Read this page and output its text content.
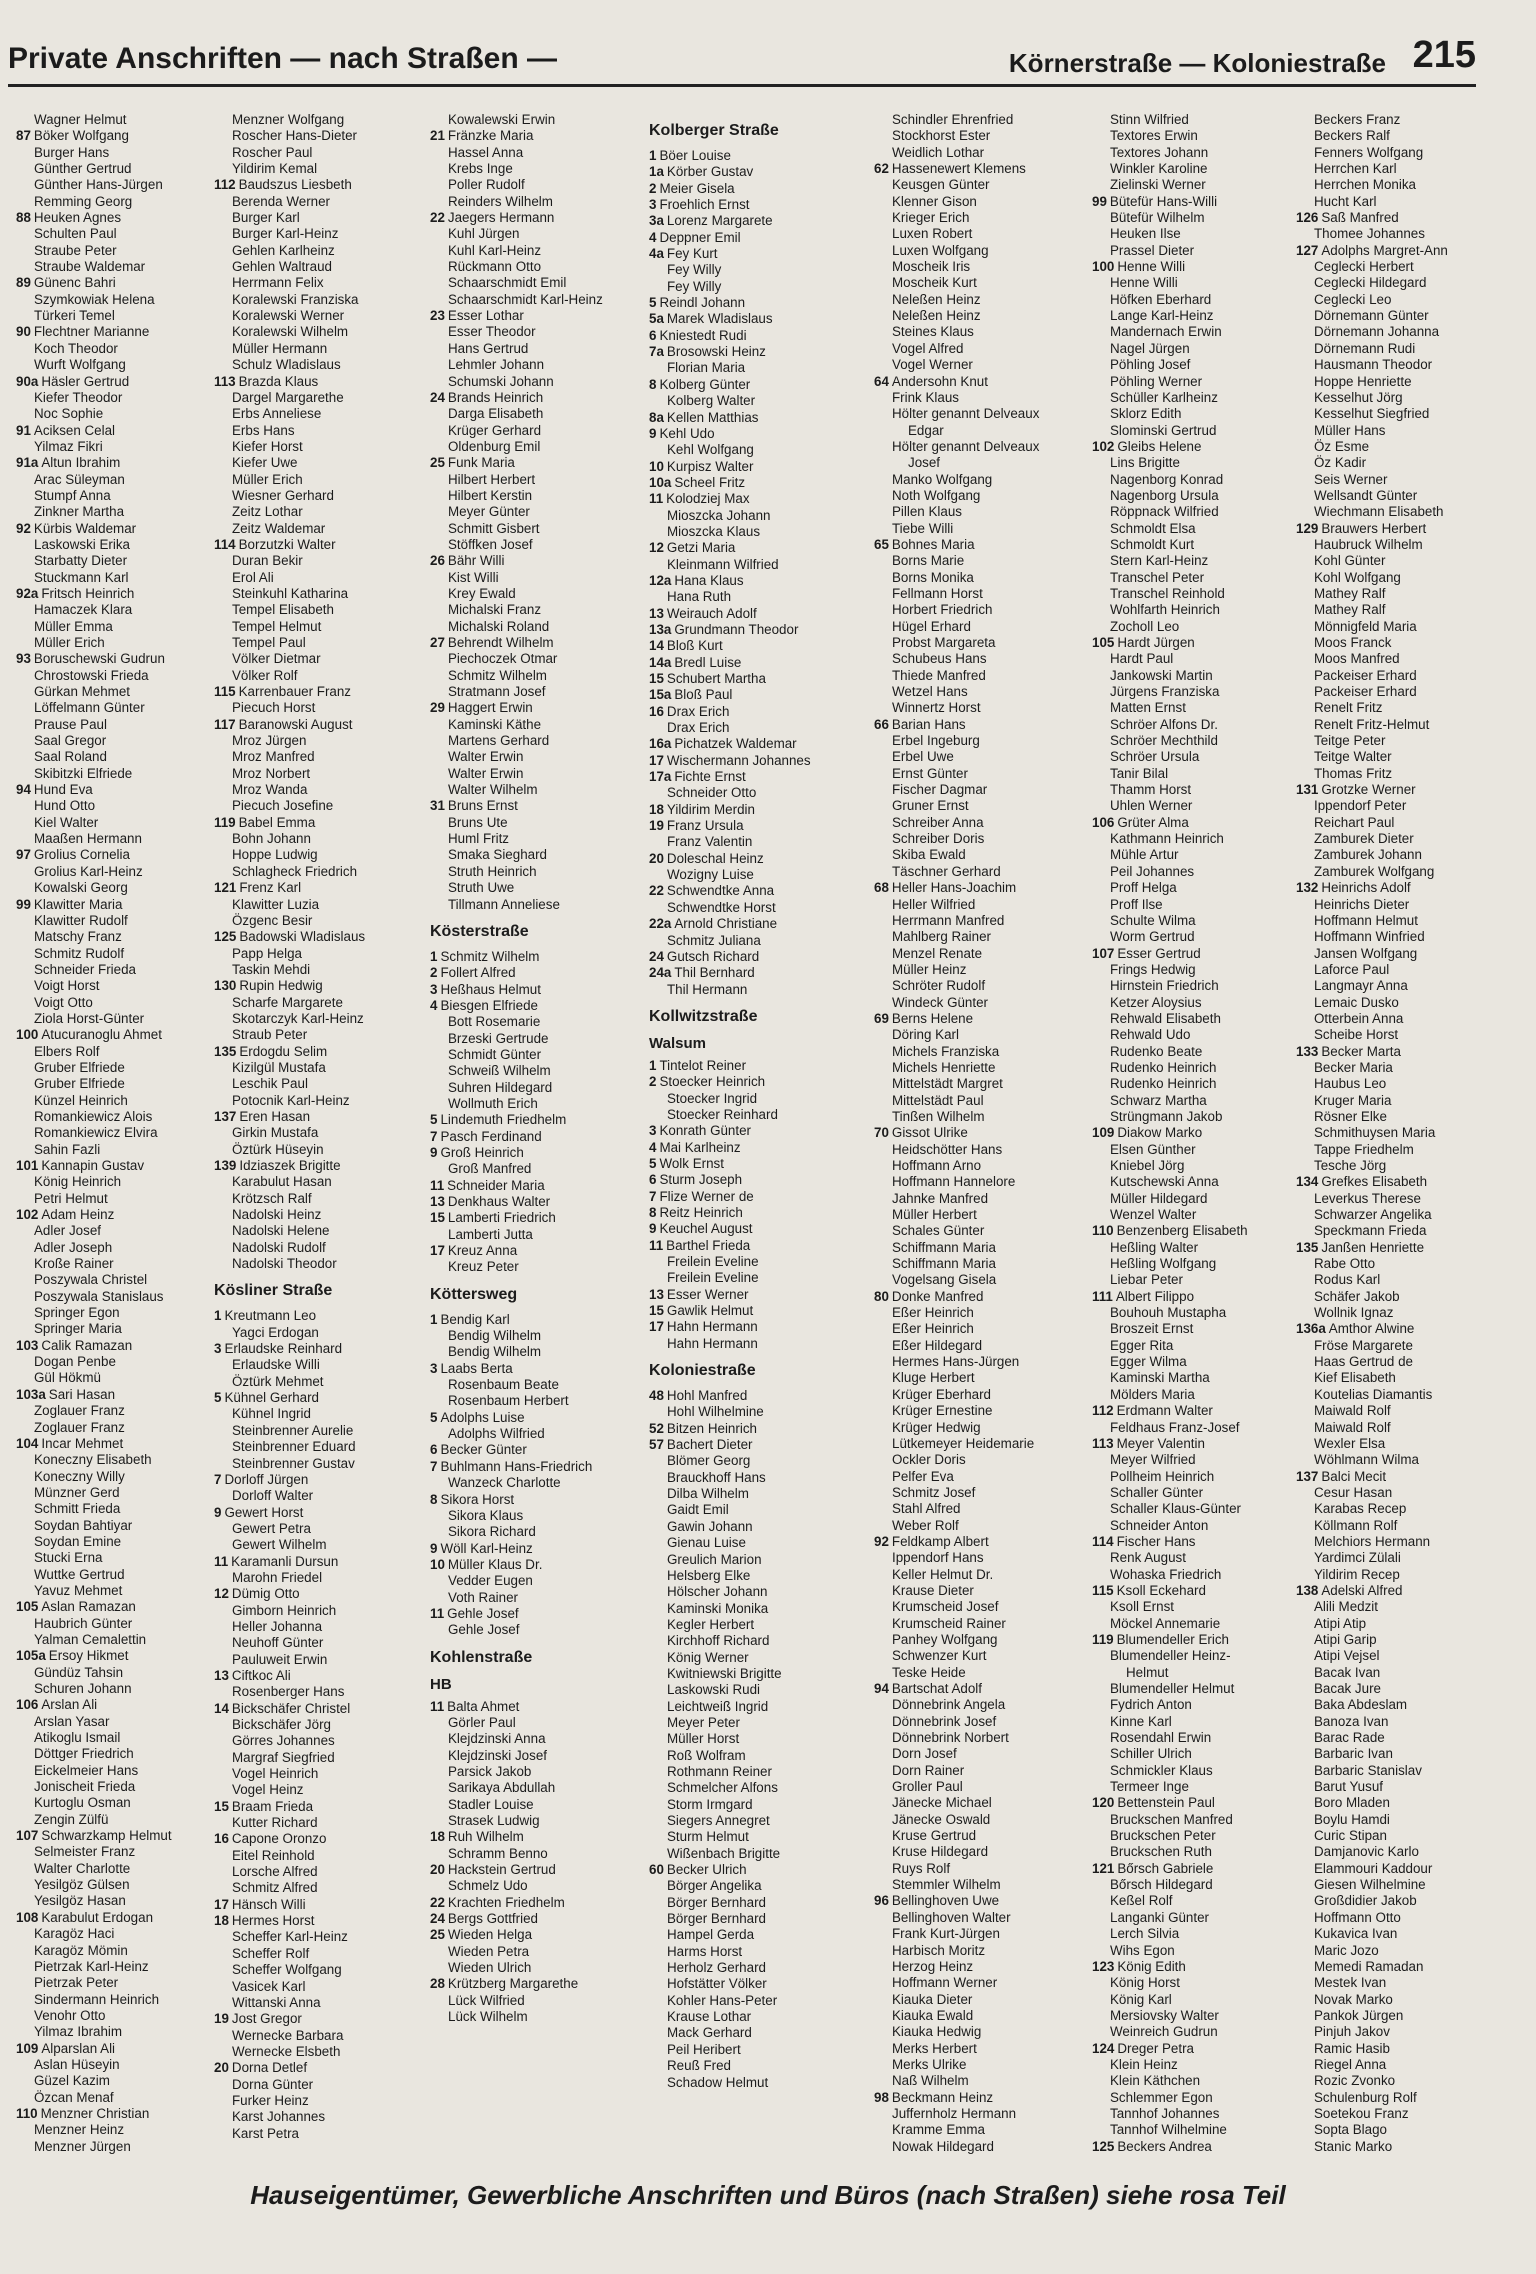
Private Anschriften — nach Straßen —	Körnerstraße — Koloniestraße 215
Wagner Helmut
87 Böker Wolfgang
Burger Hans
Günther Gertrud
Günther Hans-Jürgen
Remming Georg
88 Heuken Agnes
Schulten Paul
Straube Peter
Straube Waldemar
89 Günenc Bahri
Szymkowiak Helena
Türkeri Temel
90 Flechtner Marianne
Koch Theodor
Wurft Wolfgang
90a Häsler Gertrud
Kiefer Theodor
Noc Sophie
91 Aciksen Celal
Yilmaz Fikri
91a Altun Ibrahim
Arac Süleyman
Stumpf Anna
Zinkner Martha
92 Kürbis Waldemar
Laskowski Erika
Starbatty Dieter
Stuckmann Karl
92a Fritsch Heinrich
Hamaczek Klara
Müller Emma
Müller Erich
93 Boruschewski Gudrun
Chrostowski Frieda
Gürkan Mehmet
Löffelmann Günter
Prause Paul
Saal Gregor
Saal Roland
Skibitzki Elfriede
94 Hund Eva
Hund Otto
Kiel Walter
Maaßen Hermann
97 Grolius Cornelia
Grolius Karl-Heinz
Kowalski Georg
99 Klawitter Maria
Klawitter Rudolf
Matschy Franz
Schmitz Rudolf
Schneider Frieda
Voigt Horst
Voigt Otto
Ziola Horst-Günter
100 Atucuranoglu Ahmet
Elbers Rolf
Gruber Elfriede
Gruber Elfriede
Künzel Heinrich
Romankiewicz Alois
Romankiewicz Elvira
Sahin Fazli
101 Kannapin Gustav
König Heinrich
Petri Helmut
102 Adam Heinz
Adler Josef
Adler Joseph
Kroße Rainer
Poszywala Christel
Poszywala Stanislaus
Springer Egon
Springer Maria
103 Calik Ramazan
Dogan Penbe
Gül Hökmü
103a Sari Hasan
Zoglauer Franz
Zoglauer Franz
104 Incar Mehmet
Koneczny Elisabeth
Koneczny Willy
Münzner Gerd
Schmitt Frieda
Soydan Bahtiyar
Soydan Emine
Stucki Erna
Wuttke Gertrud
Yavuz Mehmet
105 Aslan Ramazan
Haubrich Günter
Yalman Cemalettin
105a Ersoy Hikmet
Gündüz Tahsin
Schuren Johann
106 Arslan Ali
Arslan Yasar
Atikoglu Ismail
Döttger Friedrich
Eickelmeier Hans
Jonischeit Frieda
Kurtoglu Osman
Zengin Zülfü
107 Schwarzkamp Helmut
Selmeister Franz
Walter Charlotte
Yesilgöz Gülsen
Yesilgöz Hasan
108 Karabulut Erdogan
Karagöz Haci
Karagöz Mömin
Pietrzak Karl-Heinz
Pietrzak Peter
Sindermann Heinrich
Venohr Otto
Yilmaz Ibrahim
109 Alparslan Ali
Aslan Hüseyin
Güzel Kazim
Özcan Menaf
110 Menzner Christian
Menzner Heinz
Menzner Jürgen
Menzner Wolfgang
Roscher Hans-Dieter
Roscher Paul
Yildirim Kemal
112 Baudszus Liesbeth
Berenda Werner
Burger Karl
Burger Karl-Heinz
Gehlen Karlheinz
Gehlen Waltraud
Herrmann Felix
Koralewski Franziska
Koralewski Werner
Koralewski Wilhelm
Müller Hermann
Schulz Wladislaus
113 Brazda Klaus
Dargel Margarethe
Erbs Anneliese
Erbs Hans
Kiefer Horst
Kiefer Uwe
Müller Erich
Wiesner Gerhard
Zeitz Lothar
Zeitz Waldemar
114 Borzutzki Walter
Duran Bekir
Erol Ali
Steinkuhl Katharina
Tempel Elisabeth
Tempel Helmut
Tempel Paul
Völker Dietmar
Völker Rolf
115 Karrenbauer Franz
Piecuch Horst
117 Baranowski August
Mroz Jürgen
Mroz Manfred
Mroz Norbert
Mroz Wanda
Piecuch Josefine
119 Babel Emma
Bohn Johann
Hoppe Ludwig
Schlagheck Friedrich
121 Frenz Karl
Klawitter Luzia
Özgenc Besir
125 Badowski Wladislaus
Papp Helga
Taskin Mehdi
130 Rupin Hedwig
Scharfe Margarete
Skotarczyk Karl-Heinz
Straub Peter
135 Erdogdu Selim
Kizilgül Mustafa
Leschik Paul
Potocnik Karl-Heinz
137 Eren Hasan
Girkin Mustafa
Öztürk Hüseyin
139 Idziaszek Brigitte
Karabulut Hasan
Krötzsch Ralf
Nadolski Heinz
Nadolski Helene
Nadolski Rudolf
Nadolski Theodor
Kösliner Straße
1 Kreutmann Leo
Yagci Erdogan
3 Erlaudske Reinhard
Erlaudske Willi
Öztürk Mehmet
5 Kühnel Gerhard
Kühnel Ingrid
Steinbrenner Aurelie
Steinbrenner Eduard
Steinbrenner Gustav
7 Dorloff Jürgen
Dorloff Walter
9 Gewert Horst
Gewert Petra
Gewert Wilhelm
11 Karamanli Dursun
Marohn Friedel
12 Dümig Otto
Gimborn Heinrich
Heller Johanna
Neuhoff Günter
Pauluweit Erwin
13 Ciftkoc Ali
Rosenberger Hans
14 Bickschäfer Christel
Bickschäfer Jörg
Görres Johannes
Margraf Siegfried
Vogel Heinrich
Vogel Heinz
15 Braam Frieda
Kutter Richard
16 Capone Oronzo
Eitel Reinhold
Lorsche Alfred
Schmitz Alfred
17 Hänsch Willi
18 Hermes Horst
Scheffer Karl-Heinz
Scheffer Rolf
Scheffer Wolfgang
Vasicek Karl
Wittanski Anna
19 Jost Gregor
Wernecke Barbara
Wernecke Elsbeth
20 Dorna Detlef
Dorna Günter
Furker Heinz
Karst Johannes
Karst Petra
Kowalewski Erwin
21 Fränzke Maria
Hassel Anna
Krebs Inge
Poller Rudolf
Reinders Wilhelm
22 Jaegers Hermann
Kuhl Jürgen
Kuhl Karl-Heinz
Rückmann Otto
Schaarschmidt Emil
Schaarschmidt Karl-Heinz
23 Esser Lothar
Esser Theodor
Hans Gertrud
Lehmler Johann
Schumski Johann
24 Brands Heinrich
Darga Elisabeth
Krüger Gerhard
Oldenburg Emil
25 Funk Maria
Hilbert Herbert
Hilbert Kerstin
Meyer Günter
Schmitt Gisbert
Stöffken Josef
26 Bähr Willi
Kist Willi
Krey Ewald
Michalski Franz
Michalski Roland
27 Behrendt Wilhelm
Piechoczek Otmar
Schmitz Wilhelm
Stratmann Josef
29 Haggert Erwin
Kaminski Käthe
Martens Gerhard
Walter Erwin
Walter Erwin
Walter Wilhelm
31 Bruns Ernst
Bruns Ute
Huml Fritz
Smaka Sieghard
Struth Heinrich
Struth Uwe
Tillmann Anneliese
Kösterstraße
1 Schmitz Wilhelm
2 Follert Alfred
3 Heßhaus Helmut
4 Biesgen Elfriede
Bott Rosemarie
Brzeski Gertrude
Schmidt Günter
Schweiß Wilhelm
Suhren Hildegard
Wollmuth Erich
5 Lindemuth Friedhelm
7 Pasch Ferdinand
9 Groß Heinrich
Groß Manfred
11 Schneider Maria
13 Denkhaus Walter
15 Lamberti Friedrich
Lamberti Jutta
17 Kreuz Anna
Kreuz Peter
Köttersweg
1 Bendig Karl
Bendig Wilhelm
Bendig Wilhelm
3 Laabs Berta
Rosenbaum Beate
Rosenbaum Herbert
5 Adolphs Luise
Adolphs Wilfried
6 Becker Günter
7 Buhlmann Hans-Friedrich
Wanzeck Charlotte
8 Sikora Horst
Sikora Klaus
Sikora Richard
9 Wöll Karl-Heinz
10 Müller Klaus Dr.
Vedder Eugen
Voth Rainer
11 Gehle Josef
Gehle Josef
Kohlenstraße
HB
11 Balta Ahmet
Görler Paul
Klejdzinski Anna
Klejdzinski Josef
Parsick Jakob
Sarikaya Abdullah
Stadler Louise
Strasek Ludwig
18 Ruh Wilhelm
Schramm Benno
20 Hackstein Gertrud
Schmelz Udo
22 Krachten Friedhelm
24 Bergs Gottfried
25 Wieden Helga
Wieden Petra
Wieden Ulrich
28 Krützberg Margarethe
Lück Wilfried
Lück Wilhelm
Kolberger Straße
1 Böer Louise
1a Körber Gustav
2 Meier Gisela
3 Froehlich Ernst
3a Lorenz Margarete
4 Deppner Emil
4a Fey Kurt
Fey Willy
Fey Willy
5 Reindl Johann
5a Marek Wladislaus
6 Kniestedt Rudi
7a Brosowski Heinz
Florian Maria
8 Kolberg Günter
Kolberg Walter
8a Kellen Matthias
9 Kehl Udo
Kehl Wolfgang
10 Kurpisz Walter
10a Scheel Fritz
11 Kolodziej Max
Mioszcka Johann
Mioszcka Klaus
12 Getzi Maria
Kleinmann Wilfried
12a Hana Klaus
Hana Ruth
13 Weirauch Adolf
13a Grundmann Theodor
14 Bloß Kurt
14a Bredl Luise
15 Schubert Martha
15a Bloß Paul
16 Drax Erich
Drax Erich
16a Pichatzek Waldemar
17 Wischermann Johannes
17a Fichte Ernst
Schneider Otto
18 Yildirim Merdin
19 Franz Ursula
Franz Valentin
20 Doleschal Heinz
Wozigny Luise
22 Schwendtke Anna
Schwendtke Horst
22a Arnold Christiane
Schmitz Juliana
24 Gutsch Richard
24a Thil Bernhard
Thil Hermann
Kollwitzstraße
Walsum
1 Tintelot Reiner
2 Stoecker Heinrich
Stoecker Ingrid
Stoecker Reinhard
3 Konrath Günter
4 Mai Karlheinz
5 Wolk Ernst
6 Sturm Joseph
7 Flize Werner de
8 Reitz Heinrich
9 Keuchel August
11 Barthel Frieda
Freilein Eveline
Freilein Eveline
13 Esser Werner
15 Gawlik Helmut
17 Hahn Hermann
Hahn Hermann
Koloniestraße
48 Hohl Manfred
Hohl Wilhelmine
52 Bitzen Heinrich
57 Bachert Dieter
Blömer Georg
Brauckhoff Hans
Dilba Wilhelm
Gaidt Emil
Gawin Johann
Gienau Luise
Greulich Marion
Helsberg Elke
Hölscher Johann
Kaminski Monika
Kegler Herbert
Kirchhoff Richard
König Werner
Kwitniewski Brigitte
Laskowski Rudi
Leichtweiß Ingrid
Meyer Peter
Müller Horst
Roß Wolfram
Rothmann Reiner
Schmelcher Alfons
Storm Irmgard
Siegers Annegret
Sturm Helmut
Wißenbach Brigitte
60 Becker Ulrich
Börger Angelika
Börger Bernhard
Börger Bernhard
Hampel Gerda
Harms Horst
Herholz Gerhard
Hofstätter Völker
Kohler Hans-Peter
Krause Lothar
Mack Gerhard
Peil Heribert
Reuß Fred
Schadow Helmut
Schindler Ehrenfried
Stockhorst Ester
Weidlich Lothar
62 Hassenewert Klemens
Keusgen Günter
Klenner Gison
Krieger Erich
Luxen Robert
Luxen Wolfgang
Moscheik Iris
Moscheik Kurt
Neleßen Heinz
Neleßen Heinz
Steines Klaus
Vogel Alfred
Vogel Werner
64 Andersohn Knut
Frink Klaus
Hölter genannt Delveaux
Edgar
Hölter genannt Delveaux
Josef
Manko Wolfgang
Noth Wolfgang
Pillen Klaus
Tiebe Willi
65 Bohnes Maria
Borns Marie
Borns Monika
Fellmann Horst
Horbert Friedrich
Hügel Erhard
Probst Margareta
Schubeus Hans
Thiede Manfred
Wetzel Hans
Winnertz Horst
66 Barian Hans
Erbel Ingeburg
Erbel Uwe
Ernst Günter
Fischer Dagmar
Gruner Ernst
Schreiber Anna
Schreiber Doris
Skiba Ewald
Täschner Gerhard
68 Heller Hans-Joachim
Heller Wilfried
Herrmann Manfred
Mahlberg Rainer
Menzel Renate
Müller Heinz
Schröter Rudolf
Windeck Günter
69 Berns Helene
Döring Karl
Michels Franziska
Michels Henriette
Mittelstädt Margret
Mittelstädt Paul
Tinßen Wilhelm
70 Gissot Ulrike
Heidschötter Hans
Hoffmann Arno
Hoffmann Hannelore
Jahnke Manfred
Müller Herbert
Schales Günter
Schiffmann Maria
Schiffmann Maria
Vogelsang Gisela
80 Donke Manfred
Eßer Heinrich
Eßer Heinrich
Eßer Hildegard
Hermes Hans-Jürgen
Kluge Herbert
Krüger Eberhard
Krüger Ernestine
Krüger Hedwig
Lütkemeyer Heidemarie
Ockler Doris
Pelfer Eva
Schmitz Josef
Stahl Alfred
Weber Rolf
92 Feldkamp Albert
Ippendorf Hans
Keller Helmut Dr.
Krause Dieter
Krumscheid Josef
Krumscheid Rainer
Panhey Wolfgang
Schwenzer Kurt
Teske Heide
94 Bartschat Adolf
Dönnebrink Angela
Dönnebrink Josef
Dönnebrink Norbert
Dorn Josef
Dorn Rainer
Groller Paul
Jänecke Michael
Jänecke Oswald
Kruse Gertrud
Kruse Hildegard
Ruys Rolf
Stemmler Wilhelm
96 Bellinghoven Uwe
Bellinghoven Walter
Frank Kurt-Jürgen
Harbisch Moritz
Herzog Heinz
Hoffmann Werner
Kiauka Dieter
Kiauka Ewald
Kiauka Hedwig
Merks Herbert
Merks Ulrike
Naß Wilhelm
98 Beckmann Heinz
Juffernholz Hermann
Kramme Emma
Nowak Hildegard
Stinn Wilfried
Textores Erwin
Textores Johann
Winkler Karoline
Zielinski Werner
99 Bütefür Hans-Willi
Bütefür Wilhelm
Heuken Ilse
Prassel Dieter
100 Henne Willi
Henne Willi
Höfken Eberhard
Lange Karl-Heinz
Mandernach Erwin
Nagel Jürgen
Pöhling Josef
Pöhling Werner
Schüller Karlheinz
Sklorz Edith
Slominski Gertrud
102 Gleibs Helene
Lins Brigitte
Nagenborg Konrad
Nagenborg Ursula
Röppnack Wilfried
Schmoldt Elsa
Schmoldt Kurt
Stern Karl-Heinz
Transchel Peter
Transchel Reinhold
Wohlfarth Heinrich
Zocholl Leo
105 Hardt Jürgen
Hardt Paul
Jankowski Martin
Jürgens Franziska
Matten Ernst
Schröer Alfons Dr.
Schröer Mechthild
Schröer Ursula
Tanir Bilal
Thamm Horst
Uhlen Werner
106 Grüter Alma
Kathmann Heinrich
Mühle Artur
Peil Johannes
Proff Helga
Proff Ilse
Schulte Wilma
Worm Gertrud
107 Esser Gertrud
Frings Hedwig
Hirnstein Friedrich
Ketzer Aloysius
Rehwald Elisabeth
Rehwald Udo
Rudenko Beate
Rudenko Heinrich
Rudenko Heinrich
Schwarz Martha
Strüngmann Jakob
109 Diakow Marko
Elsen Günther
Kniebel Jörg
Kutschewski Anna
Müller Hildegard
Wenzel Walter
110 Benzenberg Elisabeth
Heßling Walter
Heßling Wolfgang
Liebar Peter
111 Albert Filippo
Bouhouh Mustapha
Broszeit Ernst
Egger Rita
Egger Wilma
Kaminski Martha
Mölders Maria
112 Erdmann Walter
Feldhaus Franz-Josef
113 Meyer Valentin
Meyer Wilfried
Pollheim Heinrich
Schaller Günter
Schaller Klaus-Günter
Schneider Anton
114 Fischer Hans
Renk August
Wohaska Friedrich
115 Ksoll Eckehard
Ksoll Ernst
Möckel Annemarie
119 Blumendeller Erich
Blumendeller Heinz-
Helmut
Blumendeller Helmut
Fydrich Anton
Kinne Karl
Rosendahl Erwin
Schiller Ulrich
Schmickler Klaus
Termeer Inge
120 Bettenstein Paul
Bruckschen Manfred
Bruckschen Peter
Bruckschen Ruth
121 Bőrsch Gabriele
Bőrsch Hildegard
Keßel Rolf
Langanki Günter
Lerch Silvia
Wihs Egon
123 König Edith
König Horst
König Karl
Mersiovsky Walter
Weinreich Gudrun
124 Dreger Petra
Klein Heinz
Klein Käthchen
Schlemmer Egon
Tannhof Johannes
Tannhof Wilhelmine
125 Beckers Andrea
Beckers Franz
Beckers Ralf
Fenners Wolfgang
Herrchen Karl
Herrchen Monika
Hucht Karl
126 Saß Manfred
Thomee Johannes
127 Adolphs Margret-Ann
Ceglecki Herbert
Ceglecki Hildegard
Ceglecki Leo
Dörnemann Günter
Dörnemann Johanna
Dörnemann Rudi
Hausmann Theodor
Hoppe Henriette
Kesselhut Jörg
Kesselhut Siegfried
Müller Hans
Öz Esme
Öz Kadir
Seis Werner
Wellsandt Günter
Wiechmann Elisabeth
129 Brauwers Herbert
Haubruck Wilhelm
Kohl Günter
Kohl Wolfgang
Mathey Ralf
Mathey Ralf
Mönnigfeld Maria
Moos Franck
Moos Manfred
Packeiser Erhard
Packeiser Erhard
Renelt Fritz
Renelt Fritz-Helmut
Teitge Peter
Teitge Walter
Thomas Fritz
131 Grotzke Werner
Ippendorf Peter
Reichart Paul
Zamburek Dieter
Zamburek Johann
Zamburek Wolfgang
132 Heinrichs Adolf
Heinrichs Dieter
Hoffmann Helmut
Hoffmann Winfried
Jansen Wolfgang
Laforce Paul
Langmayr Anna
Lemaic Dusko
Otterbein Anna
Scheibe Horst
133 Becker Marta
Becker Maria
Haubus Leo
Kruger Maria
Rösner Elke
Schmithuysen Maria
Tappe Friedhelm
Tesche Jörg
134 Grefkes Elisabeth
Leverkus Therese
Schwarzer Angelika
Speckmann Frieda
135 Janßen Henriette
Rabe Otto
Rodus Karl
Schäfer Jakob
Wollnik Ignaz
136a Amthor Alwine
Fröse Margarete
Haas Gertrud de
Kief Elisabeth
Koutelias Diamantis
Maiwald Rolf
Maiwald Rolf
Wexler Elsa
Wöhlmann Wilma
137 Balci Mecit
Cesur Hasan
Karabas Recep
Köllmann Rolf
Melchiors Hermann
Yardimci Zülali
Yildirim Recep
138 Adelski Alfred
Alili Medzit
Atipi Atip
Atipi Garip
Atipi Vejsel
Bacak Ivan
Bacak Jure
Baka Abdeslam
Banoza Ivan
Barac Rade
Barbaric Ivan
Barbaric Stanislav
Barut Yusuf
Boro Mladen
Boylu Hamdi
Curic Stipan
Damjanovic Karlo
Elammouri Kaddour
Giesen Wilhelmine
Großdidier Jakob
Hoffmann Otto
Kukavica Ivan
Maric Jozo
Memedi Ramadan
Mestek Ivan
Novak Marko
Pankok Jürgen
Pinjuh Jakov
Ramic Hasib
Riegel Anna
Rozic Zvonko
Schulenburg Rolf
Soetekou Franz
Sopta Blago
Stanic Marko
Hauseigentümer, Gewerbliche Anschriften und Büros (nach Straßen) siehe rosa Teil
